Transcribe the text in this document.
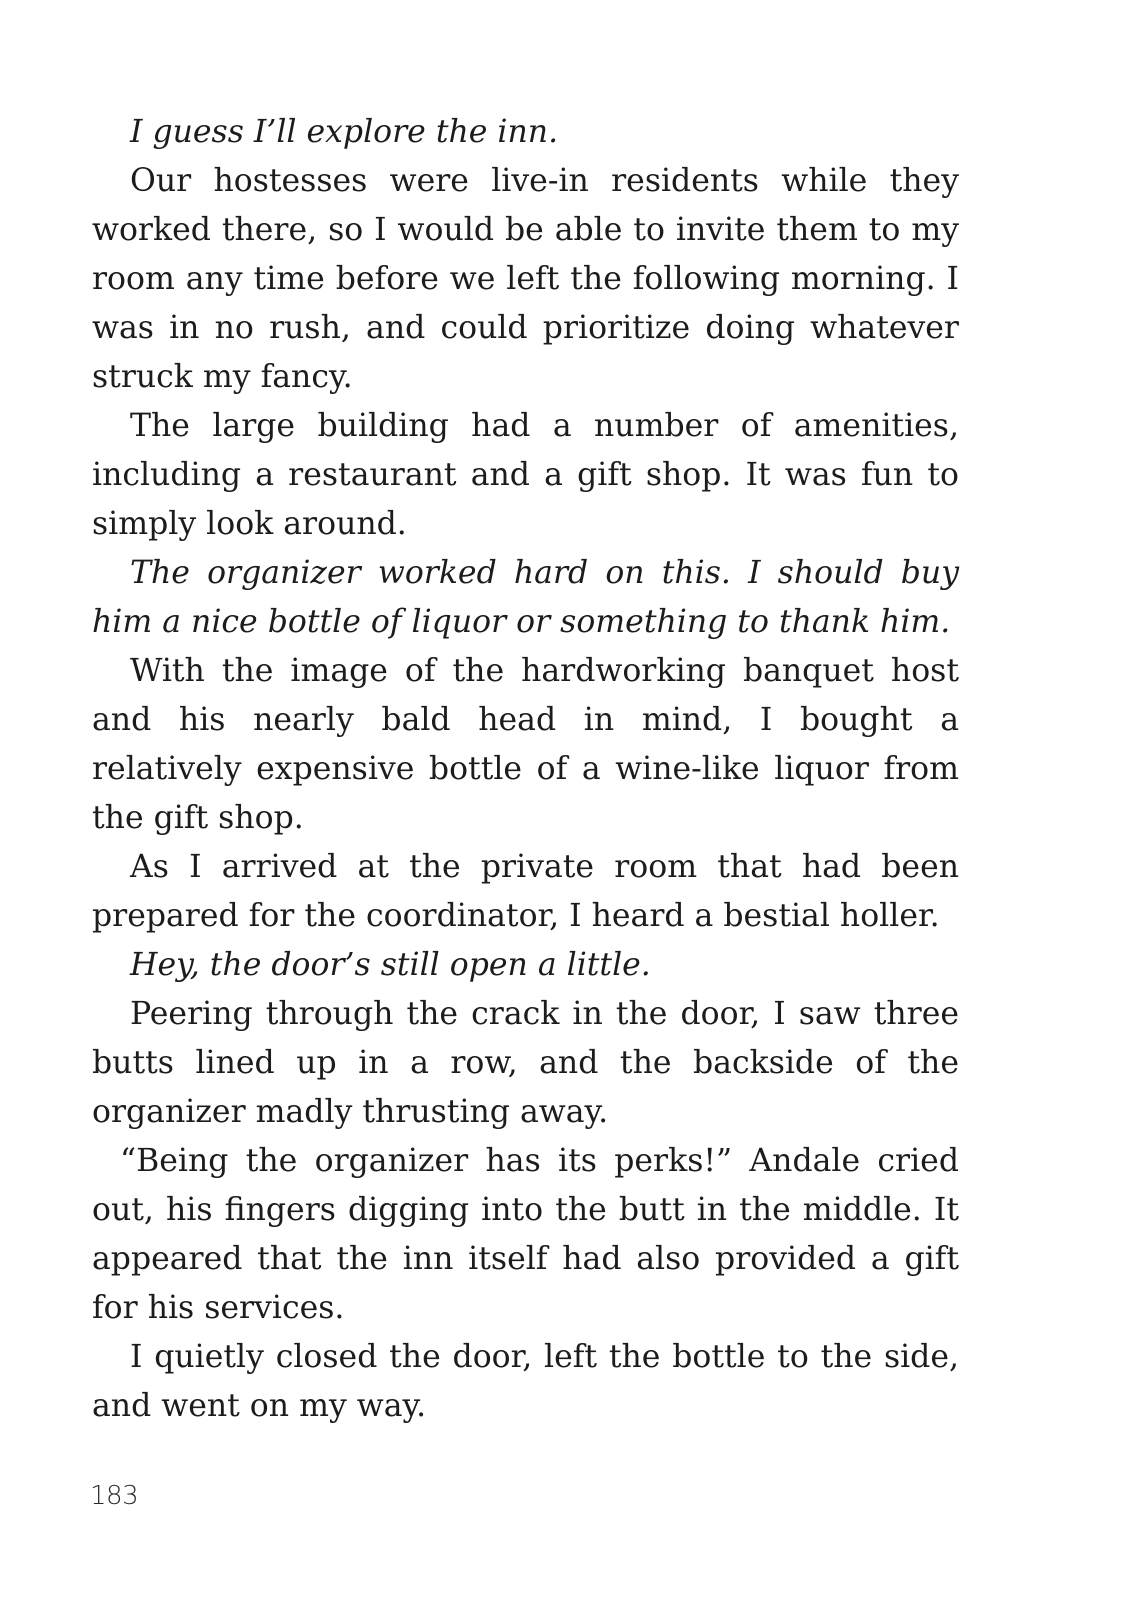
I guess I’ll explore the inn.

Our hostesses were live-in residents while they worked there, so I would be able to invite them to my room any time before we left the following morning. I was in no rush, and could prioritize doing whatever struck my fancy.

The large building had a number of amenities, including a restaurant and a gift shop. It was fun to simply look around.

The organizer worked hard on this. I should buy him a nice bottle of liquor or something to thank him.

With the image of the hardworking banquet host and his nearly bald head in mind, I bought a relatively expensive bottle of a wine-like liquor from the gift shop.

As I arrived at the private room that had been prepared for the coordinator, I heard a bestial holler.

Hey, the door’s still open a little.

Peering through the crack in the door, I saw three butts lined up in a row, and the backside of the organizer madly thrusting away.

“Being the organizer has its perks!” Andale cried out, his fingers digging into the butt in the middle. It appeared that the inn itself had also provided a gift for his services.

I quietly closed the door, left the bottle to the side, and went on my way.

183
